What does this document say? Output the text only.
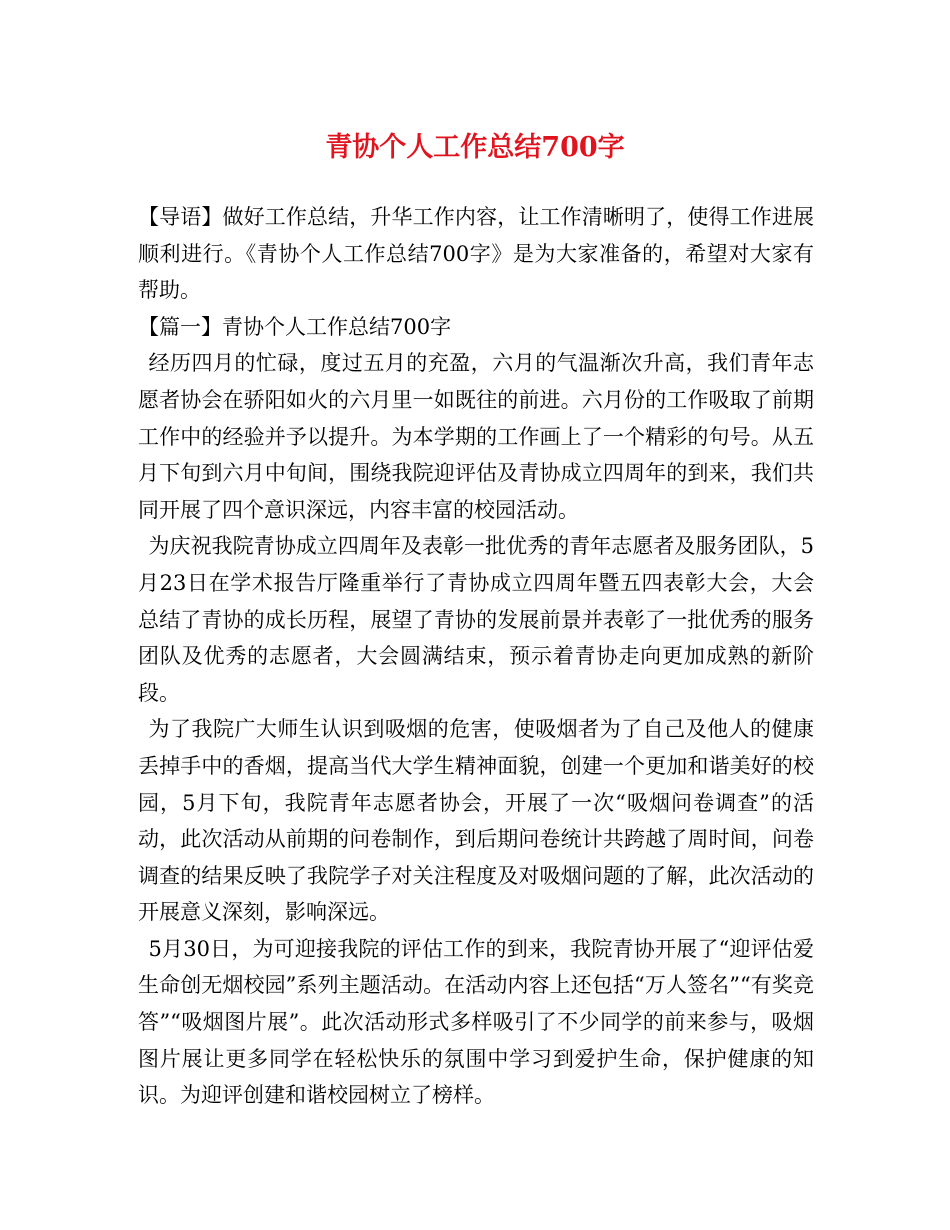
青协个人工作总结700字

【导语】做好工作总结，升华工作内容，让工作清晰明了，使得工作进展顺利进行。《青协个人工作总结700字》是为大家准备的，希望对大家有帮助。

【篇一】青协个人工作总结700字

经历四月的忙碌，度过五月的充盈，六月的气温渐次升高，我们青年志愿者协会在骄阳如火的六月里一如既往的前进。六月份的工作吸取了前期工作中的经验并予以提升。为本学期的工作画上了一个精彩的句号。从五月下旬到六月中旬间，围绕我院迎评估及青协成立四周年的到来，我们共同开展了四个意识深远，内容丰富的校园活动。

为庆祝我院青协成立四周年及表彰一批优秀的青年志愿者及服务团队，5月23日在学术报告厅隆重举行了青协成立四周年暨五四表彰大会，大会总结了青协的成长历程，展望了青协的发展前景并表彰了一批优秀的服务团队及优秀的志愿者，大会圆满结束，预示着青协走向更加成熟的新阶段。

为了我院广大师生认识到吸烟的危害，使吸烟者为了自己及他人的健康丢掉手中的香烟，提高当代大学生精神面貌，创建一个更加和谐美好的校园，5月下旬，我院青年志愿者协会，开展了一次“吸烟问卷调查”的活动，此次活动从前期的问卷制作，到后期问卷统计共跨越了周时间，问卷调查的结果反映了我院学子对关注程度及对吸烟问题的了解，此次活动的开展意义深刻，影响深远。

5月30日，为可迎接我院的评估工作的到来，我院青协开展了“迎评估爱生命创无烟校园”系列主题活动。在活动内容上还包括“万人签名”“有奖竞答”“吸烟图片展”。此次活动形式多样吸引了不少同学的前来参与，吸烟图片展让更多同学在轻松快乐的氛围中学习到爱护生命，保护健康的知识。为迎评创建和谐校园树立了榜样。
